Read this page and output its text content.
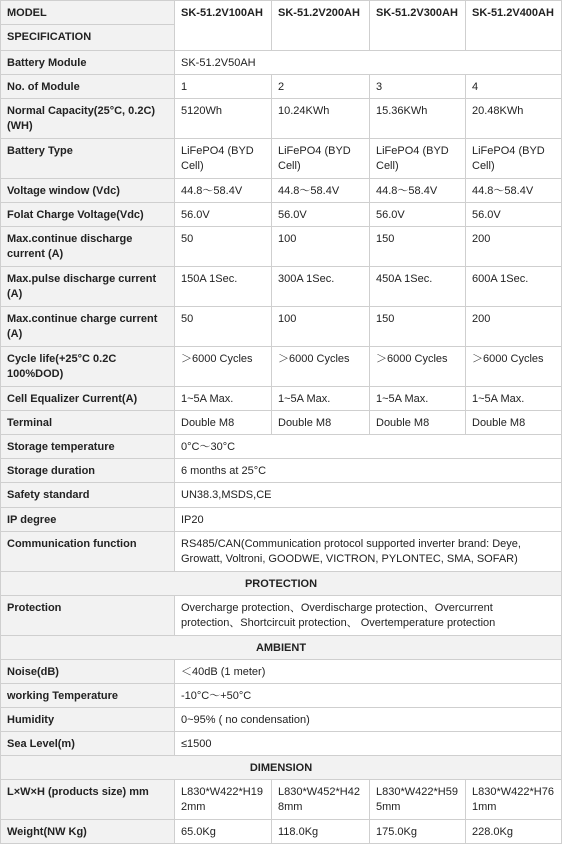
MODEL	SK-51.2V100AH	SK-51.2V200AH	SK-51.2V300AH	SK-51.2V400AH
SPECIFICATION				
Battery Module	SK-51.2V50AH			
No. of Module	1	2	3	4
Normal Capacity(25°C, 0.2C)(WH)	5120Wh	10.24KWh	15.36KWh	20.48KWh
Battery Type	LiFePO4 (BYD Cell)	LiFePO4 (BYD Cell)	LiFePO4 (BYD Cell)	LiFePO4 (BYD Cell)
Voltage window (Vdc)	44.8～58.4V	44.8～58.4V	44.8～58.4V	44.8～58.4V
Folat Charge Voltage(Vdc)	56.0V	56.0V	56.0V	56.0V
Max.continue discharge current (A)	50	100	150	200
Max.pulse discharge current (A)	150A 1Sec.	300A 1Sec.	450A 1Sec.	600A 1Sec.
Max.continue charge current (A)	50	100	150	200
Cycle life(+25°C 0.2C 100%DOD)	＞6000 Cycles	＞6000 Cycles	＞6000 Cycles	＞6000 Cycles
Cell Equalizer Current(A)	1~5A Max.	1~5A Max.	1~5A Max.	1~5A Max.
Terminal	Double M8	Double M8	Double M8	Double M8
Storage temperature	0°C～30°C			
Storage duration	6 months at 25°C			
Safety standard	UN38.3,MSDS,CE			
IP degree	IP20			
Communication function	RS485/CAN(Communication protocol supported inverter brand: Deye, Growatt, Voltroni, GOODWE, VICTRON, PYLONTEC, SMA, SOFAR)			
PROTECTION				
Protection	Overcharge protection、Overdischarge protection、Overcurrent protection、Shortcircuit protection、 Overtemperature protection			
AMBIENT				
Noise(dB)	＜40dB (1 meter)			
working Temperature	-10°C～+50°C			
Humidity	0~95% ( no condensation)			
Sea Level(m)	≤1500			
DIMENSION				
L×W×H (products size) mm	L830*W422*H192mm	L830*W452*H428mm	L830*W422*H595mm	L830*W422*H761mm
Weight(NW Kg)	65.0Kg	118.0Kg	175.0Kg	228.0Kg
